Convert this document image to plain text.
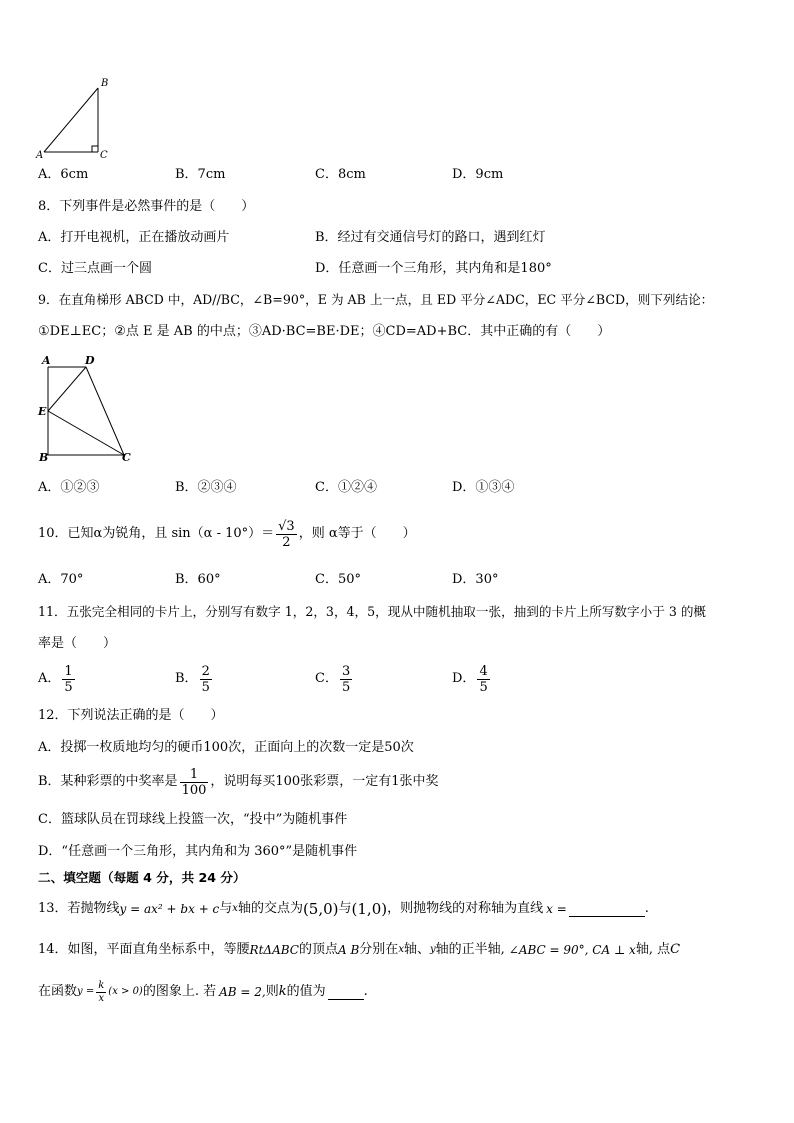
B
A	C
A．6cm	B．7cm	C．8cm	D．9cm
8．下列事件是必然事件的是（　　）
A．打开电视机，正在播放动画片	B．经过有交通信号灯的路口，遇到红灯
C．过三点画一个圆	D．任意画一个三角形，其内角和是180°
9．在直角梯形 ABCD 中，AD//BC，∠B=90°，E 为 AB 上一点，且 ED 平分∠ADC，EC 平分∠BCD，则下列结论：
①DE⊥EC；②点 E 是 AB 的中点；③AD·BC=BE·DE；④CD=AD+BC．其中正确的有（　　）
A	D
E
B	C
A．①②③	B．②③④	C．①②④	D．①③④
10．已知α为锐角，且 $\sin(\alpha - 10^\circ)= \frac{√3}{2}$ ，则 α等于（　　）
A．70°	B．60°	C．50°	D．30°
11．五张完全相同的卡片上，分别写有数字 1，2，3，4，5，现从中随机抽取一张，抽到的卡片上所写数字小于 3 的概
率是（　　）
A． $\frac{1}{5}$	B． $\frac{2}{5}$	C． $\frac{3}{5}$	D． $\frac{4}{5}$
12．下列说法正确的是（　　）
A．投掷一枚质地均匀的硬币100次，正面向上的次数一定是50次
B．某种彩票的中奖率是 $\frac{1}{100}$ ，说明每买100张彩票，一定有1张中奖
C．篮球队员在罚球线上投篮一次，“投中”为随机事件
D．“任意画一个三角形，其内角和为 360°”是随机事件
二、填空题（每题 4 分，共 24 分）
13．若抛物线 y = ax² + bx + c 与 x 轴的交点为 (5,0) 与 (1,0) ，则抛物线的对称轴为直线 x =	.
14．如图，平面直角坐标系中，等腰 RtΔABC 的顶点 A B 分别在 x 轴、 y 轴的正半轴, ∠ABC = 90°, CA ⊥ x 轴, 点 C
在函数 $y = \frac{k}{x} (x > 0)$ 的图象上. 若 AB = 2, 则 k 的值为	.
